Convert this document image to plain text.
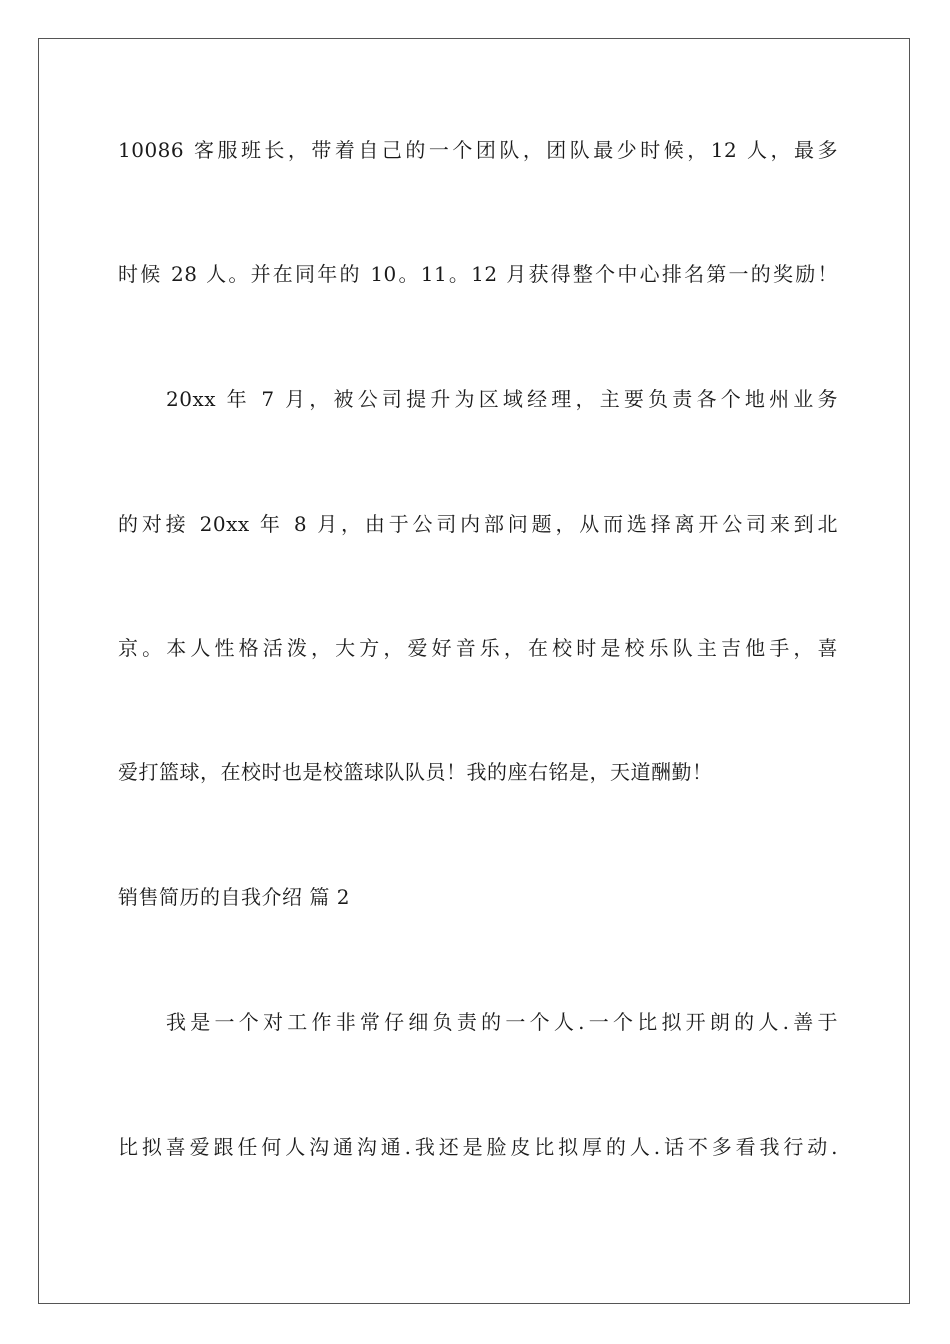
10086 客服班长，带着自己的一个团队，团队最少时候，12 人，最多
时候 28 人。并在同年的 10。11。12 月获得整个中心排名第一的奖励！
20xx 年 7 月，被公司提升为区域经理，主要负责各个地州业务
的对接 20xx 年 8 月，由于公司内部问题，从而选择离开公司来到北
京。本人性格活泼，大方，爱好音乐，在校时是校乐队主吉他手，喜
爱打篮球，在校时也是校篮球队队员！我的座右铭是，天道酬勤！
销售简历的自我介绍 篇 2
我是一个对工作非常仔细负责的一个人.一个比拟开朗的人.善于
比拟喜爱跟任何人沟通沟通.我还是脸皮比拟厚的人.话不多看我行动.
